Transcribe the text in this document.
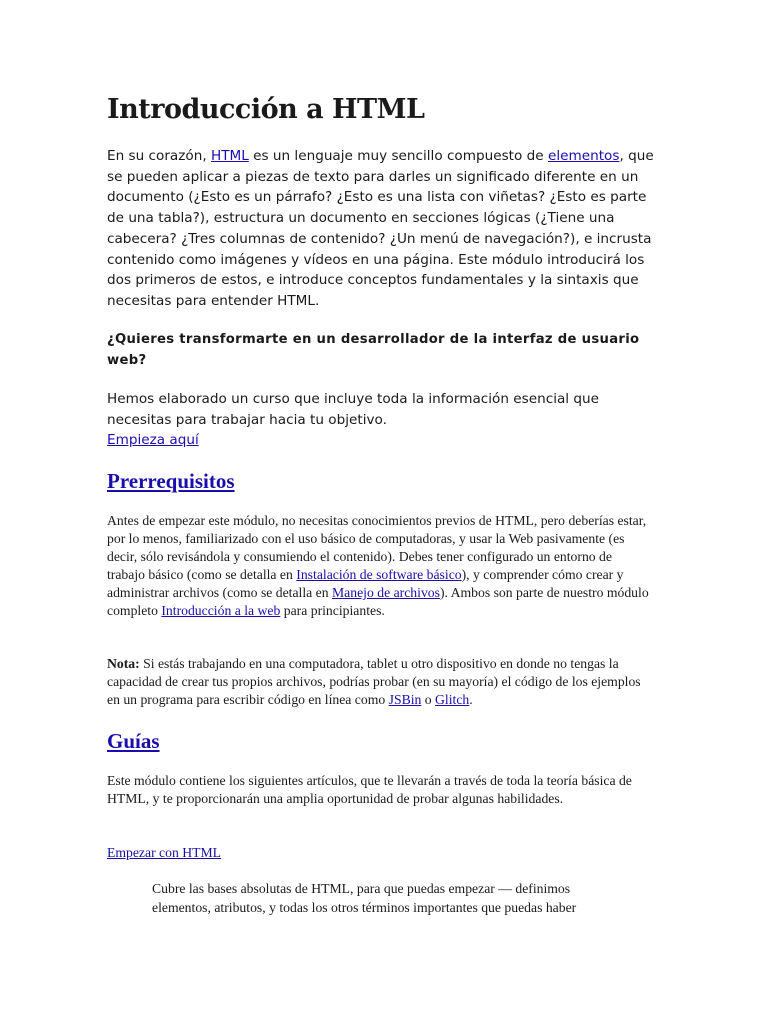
Introducción a HTML

En su corazón, HTML es un lenguaje muy sencillo compuesto de elementos, que se pueden aplicar a piezas de texto para darles un significado diferente en un documento (¿Esto es un párrafo? ¿Esto es una lista con viñetas? ¿Esto es parte de una tabla?), estructura un documento en secciones lógicas (¿Tiene una cabecera? ¿Tres columnas de contenido? ¿Un menú de navegación?), e incrusta contenido como imágenes y vídeos en una página. Este módulo introducirá los dos primeros de estos, e introduce conceptos fundamentales y la sintaxis que necesitas para entender HTML.

¿Quieres transformarte en un desarrollador de la interfaz de usuario web?

Hemos elaborado un curso que incluye toda la información esencial que necesitas para trabajar hacia tu objetivo.
Empieza aquí

Prerrequisitos

Antes de empezar este módulo, no necesitas conocimientos previos de HTML, pero deberías estar, por lo menos, familiarizado con el uso básico de computadoras, y usar la Web pasivamente (es decir, sólo revisándola y consumiendo el contenido). Debes tener configurado un entorno de trabajo básico (como se detalla en Instalación de software básico), y comprender cómo crear y administrar archivos (como se detalla en Manejo de archivos). Ambos son parte de nuestro módulo completo Introducción a la web para principiantes.

Nota: Si estás trabajando en una computadora, tablet u otro dispositivo en donde no tengas la capacidad de crear tus propios archivos, podrías probar (en su mayoría) el código de los ejemplos en un programa para escribir código en línea como JSBin o Glitch.

Guías

Este módulo contiene los siguientes artículos, que te llevarán a través de toda la teoría básica de HTML, y te proporcionarán una amplia oportunidad de probar algunas habilidades.

Empezar con HTML

Cubre las bases absolutas de HTML, para que puedas empezar — definimos elementos, atributos, y todas los otros términos importantes que puedas haber
